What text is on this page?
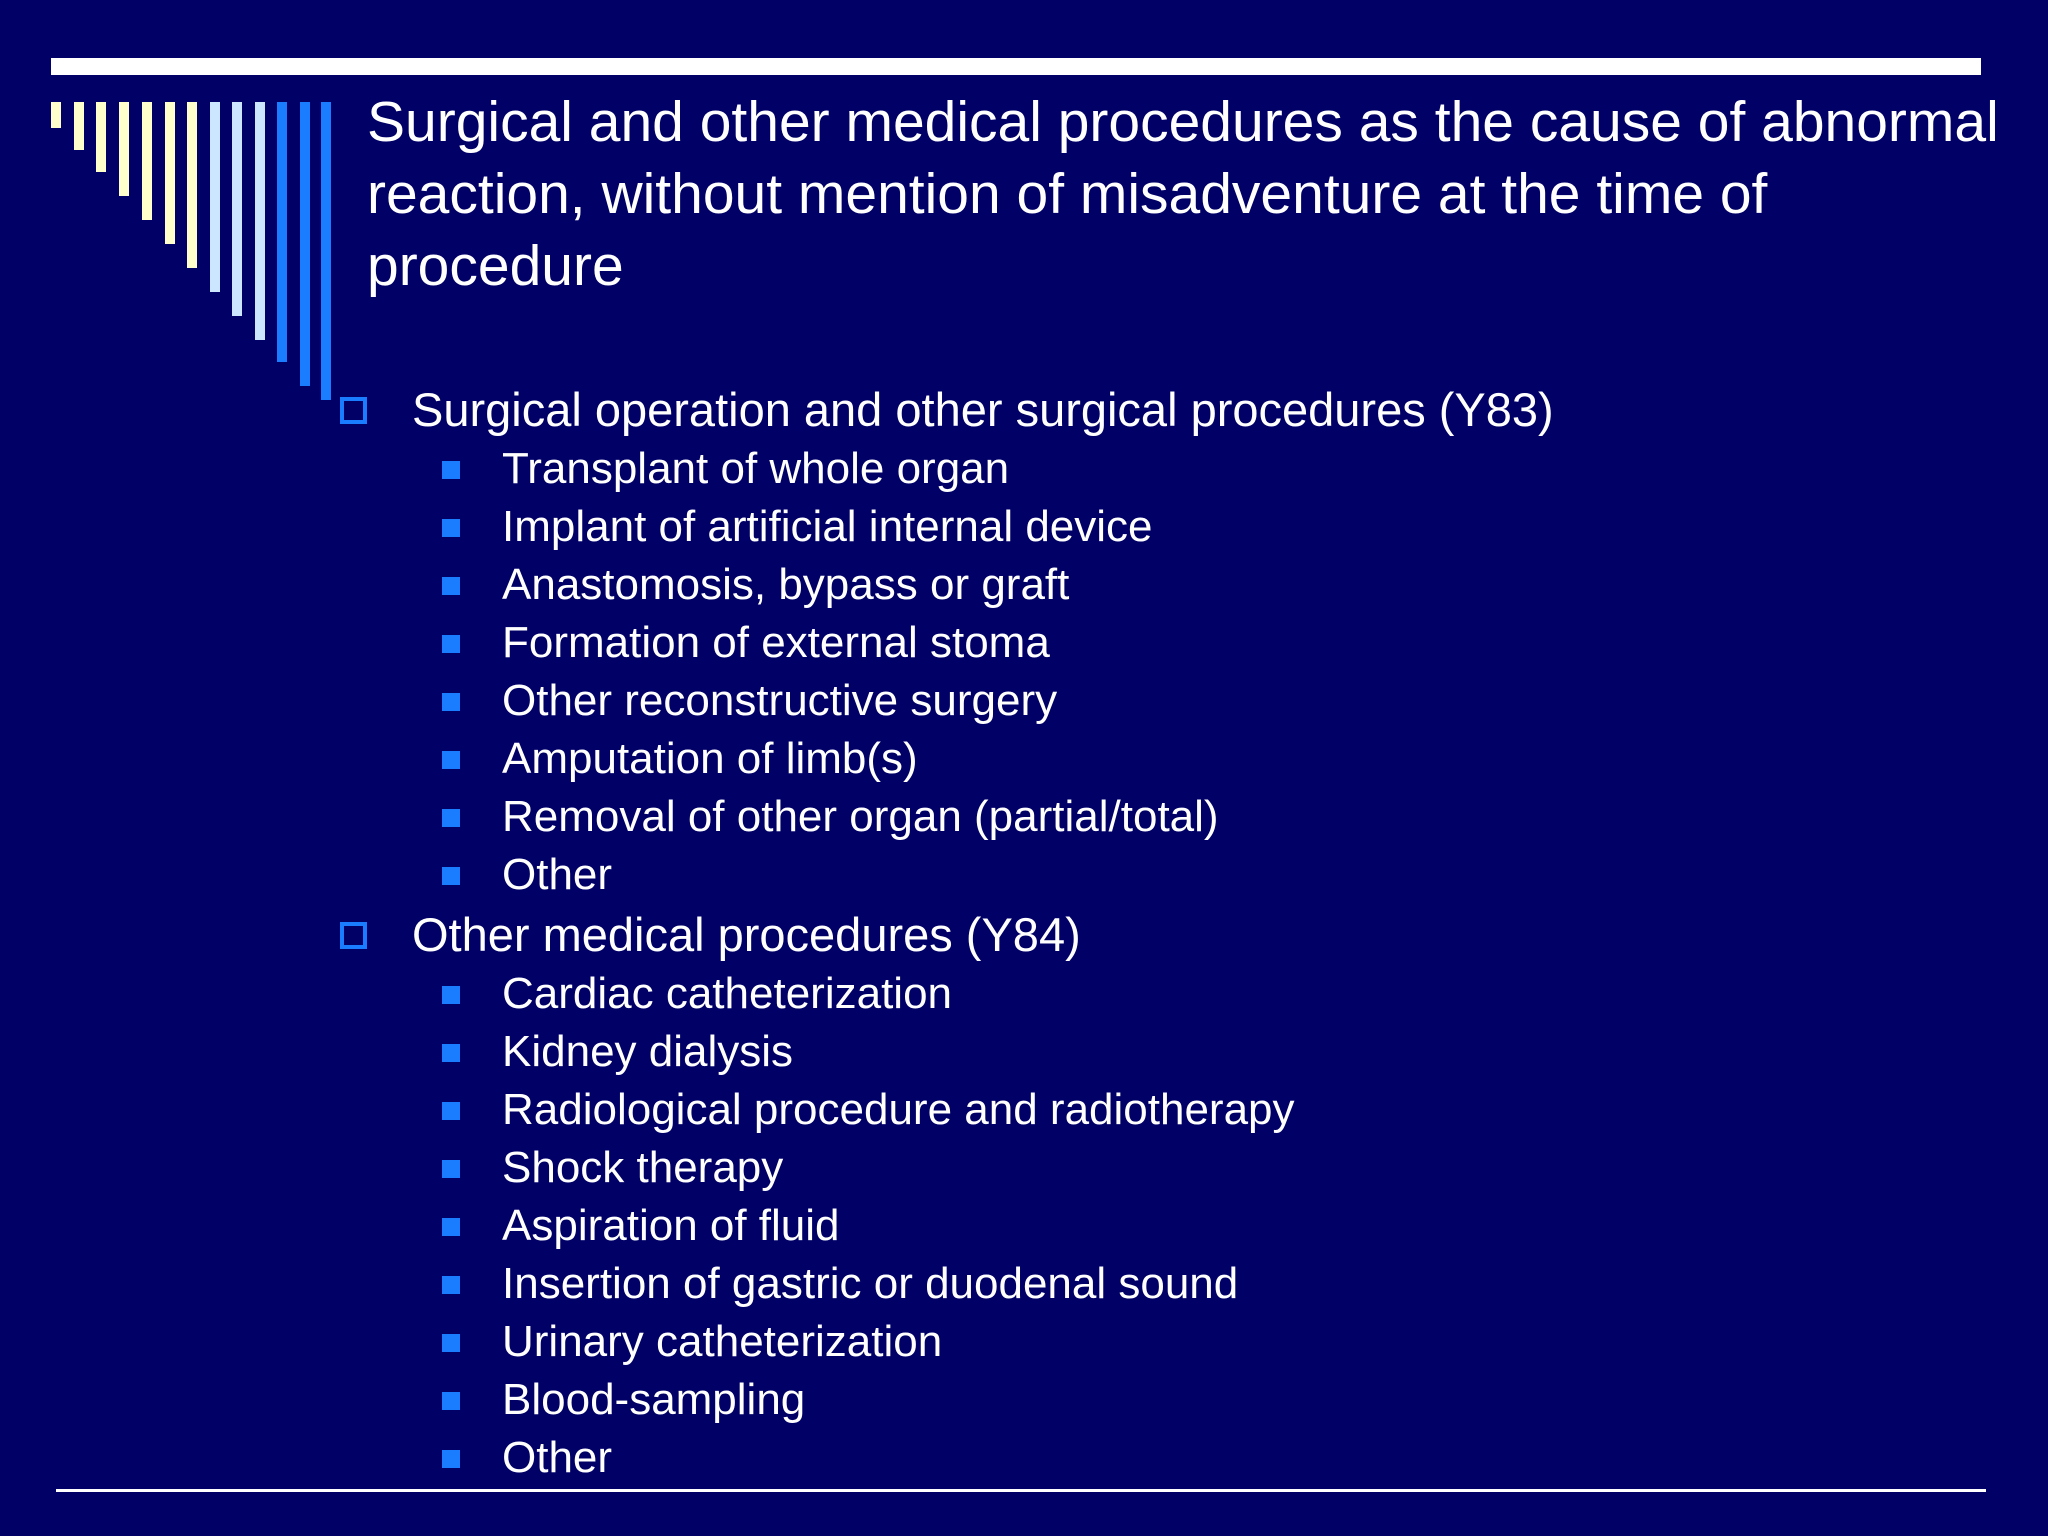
Surgical and other medical procedures as the cause of abnormal reaction, without mention of misadventure at the time of procedure
Surgical operation and other surgical procedures (Y83)
Transplant of whole organ
Implant of artificial internal device
Anastomosis, bypass or graft
Formation of external stoma
Other reconstructive surgery
Amputation of limb(s)
Removal of other organ (partial/total)
Other
Other medical procedures (Y84)
Cardiac catheterization
Kidney dialysis
Radiological procedure and radiotherapy
Shock therapy
Aspiration of fluid
Insertion of gastric or duodenal sound
Urinary catheterization
Blood-sampling
Other
